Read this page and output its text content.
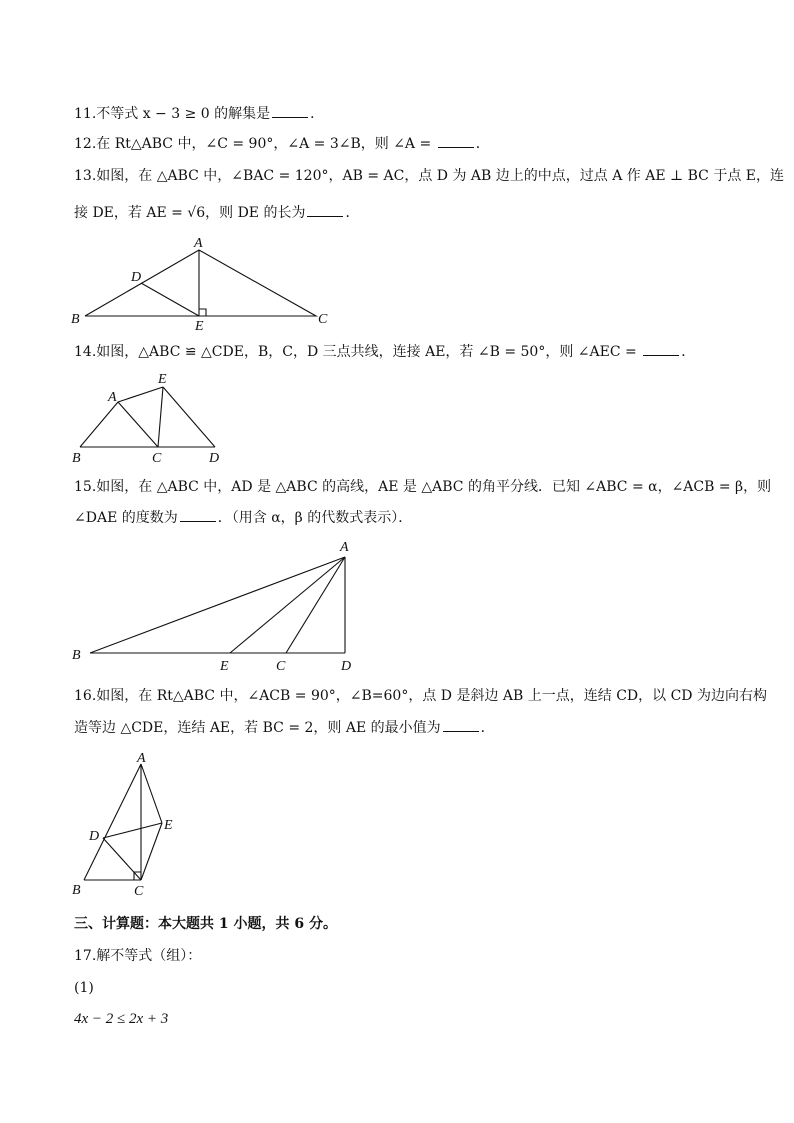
11.不等式 x − 3 ≥ 0 的解集是	．
12.在 Rt△ABC 中，∠C = 90°，∠A = 3∠B，则 ∠A =	．
13.如图，在 △ABC 中，∠BAC = 120°，AB = AC，点 D 为 AB 边上的中点，过点 A 作 AE ⊥ BC 于点 E，连
接 DE，若 AE = √6，则 DE 的长为	．
A
B	C
D
E
14.如图，△ABC ≌ △CDE，B，C，D 三点共线，连接 AE，若 ∠B = 50°，则 ∠AEC =	．
A
B	C	D
E
15.如图，在 △ABC 中，AD 是 △ABC 的高线，AE 是 △ABC 的角平分线．已知 ∠ABC = α，∠ACB = β，则
∠DAE 的度数为	．（用含 α，β 的代数式表示）．
A
B
C	D
E
16.如图，在 Rt△ABC 中，∠ACB = 90°，∠B=60°，点 D 是斜边 AB 上一点，连结 CD，以 CD 为边向右构
造等边 △CDE，连结 AE，若 BC = 2，则 AE 的最小值为	．
A
B	C
D
E
三、计算题：本大题共 1 小题，共 6 分。
17.解不等式（组）：
(1)
4x − 2 ≤ 2x + 3
